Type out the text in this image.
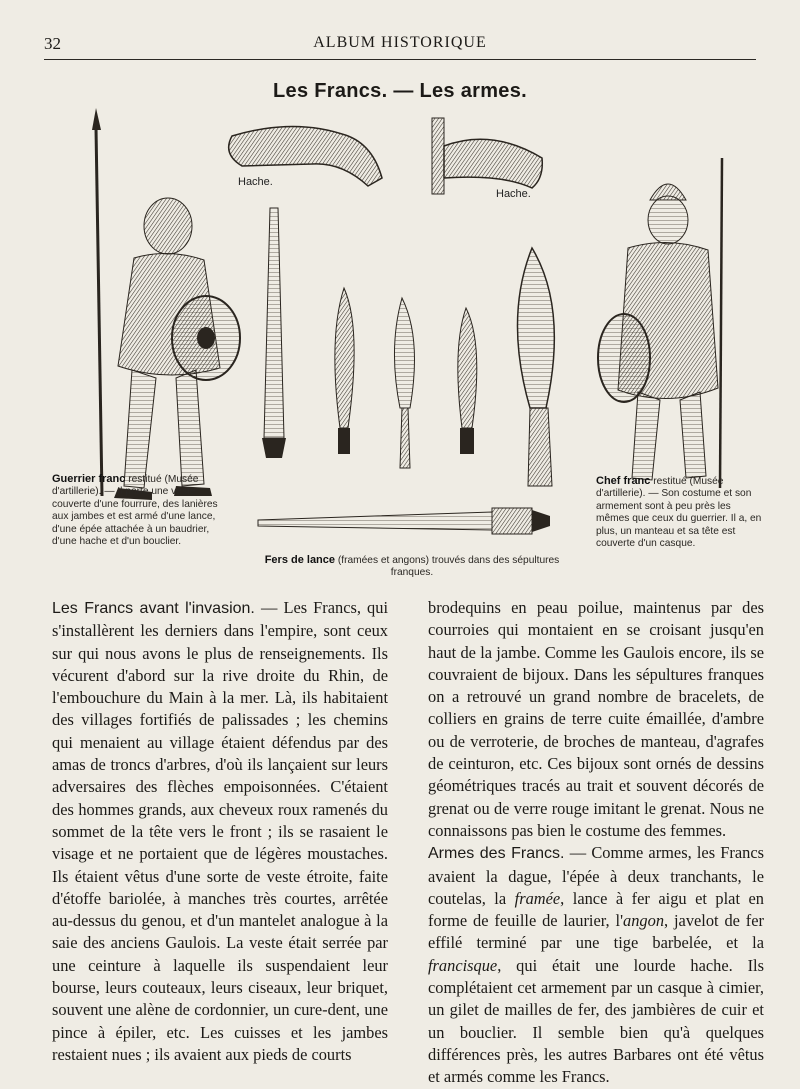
32	ALBUM HISTORIQUE
Les Francs. — Les armes.
Hache.
Hache.
Guerrier franc restitué (Musée d'artillerie). — Il porte une veste couverte d'une fourrure, des lanières aux jambes et est armé d'une lance, d'une épée attachée à un baudrier, d'une hache et d'un bouclier.
Chef franc restitué (Musée d'artillerie). — Son costume et son armement sont à peu près les mêmes que ceux du guerrier. Il a, en plus, un manteau et sa tête est couverte d'un casque.
Fers de lance (framées et angons) trouvés dans des sépultures franques.

Les Francs avant l'invasion. — Les Francs, qui s'installèrent les derniers dans l'empire, sont ceux sur qui nous avons le plus de renseignements. Ils vécurent d'abord sur la rive droite du Rhin, de l'embouchure du Main à la mer. Là, ils habitaient des villages fortifiés de palissades ; les chemins qui menaient au village étaient défendus par des amas de troncs d'arbres, d'où ils lançaient sur leurs adversaires des flèches empoisonnées. C'étaient des hommes grands, aux cheveux roux ramenés du sommet de la tête vers le front ; ils se rasaient le visage et ne portaient que de légères moustaches. Ils étaient vêtus d'une sorte de veste étroite, faite d'étoffe bariolée, à manches très courtes, arrêtée au-dessus du genou, et d'un mantelet analogue à la saie des anciens Gaulois. La veste était serrée par une ceinture à laquelle ils suspendaient leur bourse, leurs couteaux, leurs ciseaux, leur briquet, souvent une alène de cordonnier, un cure-dent, une pince à épiler, etc. Les cuisses et les jambes restaient nues ; ils avaient aux pieds de courts

brodequins en peau poilue, maintenus par des courroies qui montaient en se croisant jusqu'en haut de la jambe. Comme les Gaulois encore, ils se couvraient de bijoux. Dans les sépultures franques on a retrouvé un grand nombre de bracelets, de colliers en grains de terre cuite émaillée, d'ambre ou de verroterie, de broches de manteau, d'agrafes de ceinturon, etc. Ces bijoux sont ornés de dessins géométriques tracés au trait et souvent décorés de grenat ou de verre rouge imitant le grenat. Nous ne connaissons pas bien le costume des femmes.

Armes des Francs. — Comme armes, les Francs avaient la dague, l'épée à deux tranchants, le coutelas, la framée, lance à fer aigu et plat en forme de feuille de laurier, l'angon, javelot de fer effilé terminé par une tige barbelée, et la francisque, qui était une lourde hache. Ils complétaient cet armement par un casque à cimier, un gilet de mailles de fer, des jambières de cuir et un bouclier. Il semble bien qu'à quelques différences près, les autres Barbares ont été vêtus et armés comme les Francs.
